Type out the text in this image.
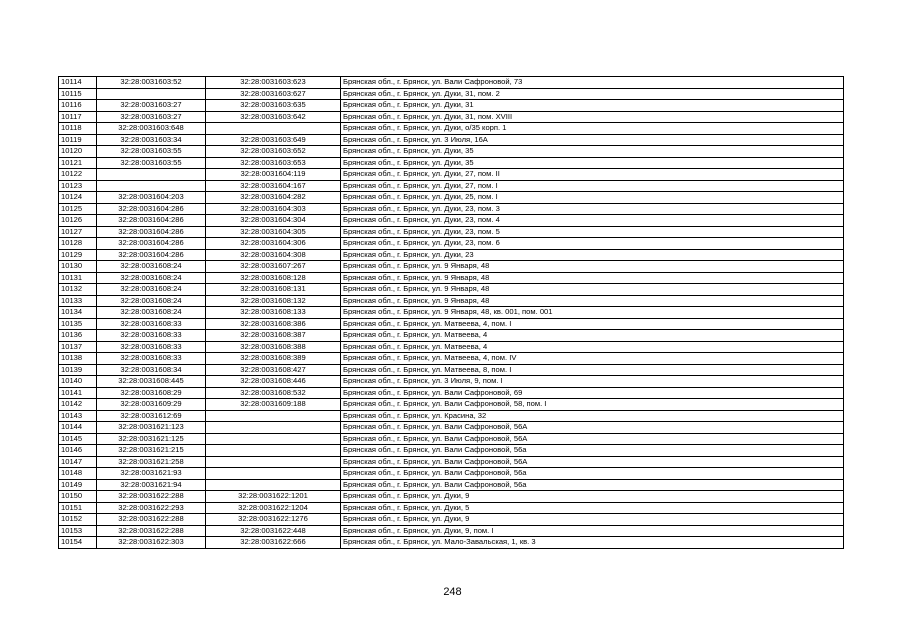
10114	32:28:0031603:52	32:28:0031603:623	Брянская обл., г. Брянск, ул. Вали Сафроновой, 73
10115		32:28:0031603:627	Брянская обл., г. Брянск, ул. Дуки, 31, пом. 2
10116	32:28:0031603:27	32:28:0031603:635	Брянская обл., г. Брянск, ул. Дуки, 31
10117	32:28:0031603:27	32:28:0031603:642	Брянская обл., г. Брянск, ул. Дуки, 31, пом. XVIII
10118	32:28:0031603:648		Брянская обл., г. Брянск, ул. Дуки, о/35 корп. 1
10119	32:28:0031603:34	32:28:0031603:649	Брянская обл., г. Брянск, ул. 3 Июля, 16А
10120	32:28:0031603:55	32:28:0031603:652	Брянская обл., г. Брянск, ул. Дуки, 35
10121	32:28:0031603:55	32:28:0031603:653	Брянская обл., г. Брянск, ул. Дуки, 35
10122		32:28:0031604:119	Брянская обл., г. Брянск, ул. Дуки, 27, пом. II
10123		32:28:0031604:167	Брянская обл., г. Брянск, ул. Дуки, 27, пом. I
10124	32:28:0031604:203	32:28:0031604:282	Брянская обл., г. Брянск, ул. Дуки, 25, пом. I
10125	32:28:0031604:286	32:28:0031604:303	Брянская обл., г. Брянск, ул. Дуки, 23, пом. 3
10126	32:28:0031604:286	32:28:0031604:304	Брянская обл., г. Брянск, ул. Дуки, 23, пом. 4
10127	32:28:0031604:286	32:28:0031604:305	Брянская обл., г. Брянск, ул. Дуки, 23, пом. 5
10128	32:28:0031604:286	32:28:0031604:306	Брянская обл., г. Брянск, ул. Дуки, 23, пом. 6
10129	32:28:0031604:286	32:28:0031604:308	Брянская обл., г. Брянск, ул. Дуки, 23
10130	32:28:0031608:24	32:28:0031607:267	Брянская обл., г. Брянск, ул. 9 Января, 48
10131	32:28:0031608:24	32:28:0031608:128	Брянская обл., г. Брянск, ул. 9 Января, 48
10132	32:28:0031608:24	32:28:0031608:131	Брянская обл., г. Брянск, ул. 9 Января, 48
10133	32:28:0031608:24	32:28:0031608:132	Брянская обл., г. Брянск, ул. 9 Января, 48
10134	32:28:0031608:24	32:28:0031608:133	Брянская обл., г. Брянск, ул. 9 Января, 48, кв. 001, пом. 001
10135	32:28:0031608:33	32:28:0031608:386	Брянская обл., г. Брянск, ул. Матвеева, 4, пом. I
10136	32:28:0031608:33	32:28:0031608:387	Брянская обл., г. Брянск, ул. Матвеева, 4
10137	32:28:0031608:33	32:28:0031608:388	Брянская обл., г. Брянск, ул. Матвеева, 4
10138	32:28:0031608:33	32:28:0031608:389	Брянская обл., г. Брянск, ул. Матвеева, 4, пом. IV
10139	32:28:0031608:34	32:28:0031608:427	Брянская обл., г. Брянск, ул. Матвеева, 8, пом. I
10140	32:28:0031608:445	32:28:0031608:446	Брянская обл., г. Брянск, ул. 3 Июля, 9, пом. I
10141	32:28:0031608:29	32:28:0031608:532	Брянская обл., г. Брянск, ул. Вали Сафроновой, 69
10142	32:28:0031609:29	32:28:0031609:188	Брянская обл., г. Брянск, ул. Вали Сафроновой, 58, пом. I
10143	32:28:0031612:69		Брянская обл., г. Брянск, ул. Красина, 32
10144	32:28:0031621:123		Брянская обл., г. Брянск, ул. Вали Сафроновой, 56А
10145	32:28:0031621:125		Брянская обл., г. Брянск, ул. Вали Сафроновой, 56А
10146	32:28:0031621:215		Брянская обл., г. Брянск, ул. Вали Сафроновой, 56а
10147	32:28:0031621:258		Брянская обл., г. Брянск, ул. Вали Сафроновой, 56А
10148	32:28:0031621:93		Брянская обл., г. Брянск, ул. Вали Сафроновой, 56а
10149	32:28:0031621:94		Брянская обл., г. Брянск, ул. Вали Сафроновой, 56а
10150	32:28:0031622:288	32:28:0031622:1201	Брянская обл., г. Брянск, ул. Дуки, 9
10151	32:28:0031622:293	32:28:0031622:1204	Брянская обл., г. Брянск, ул. Дуки, 5
10152	32:28:0031622:288	32:28:0031622:1276	Брянская обл., г. Брянск, ул. Дуки, 9
10153	32:28:0031622:288	32:28:0031622:448	Брянская обл., г. Брянск, ул. Дуки, 9, пом. I
10154	32:28:0031622:303	32:28:0031622:666	Брянская обл., г. Брянск, ул. Мало-Завальская, 1, кв. 3
248
